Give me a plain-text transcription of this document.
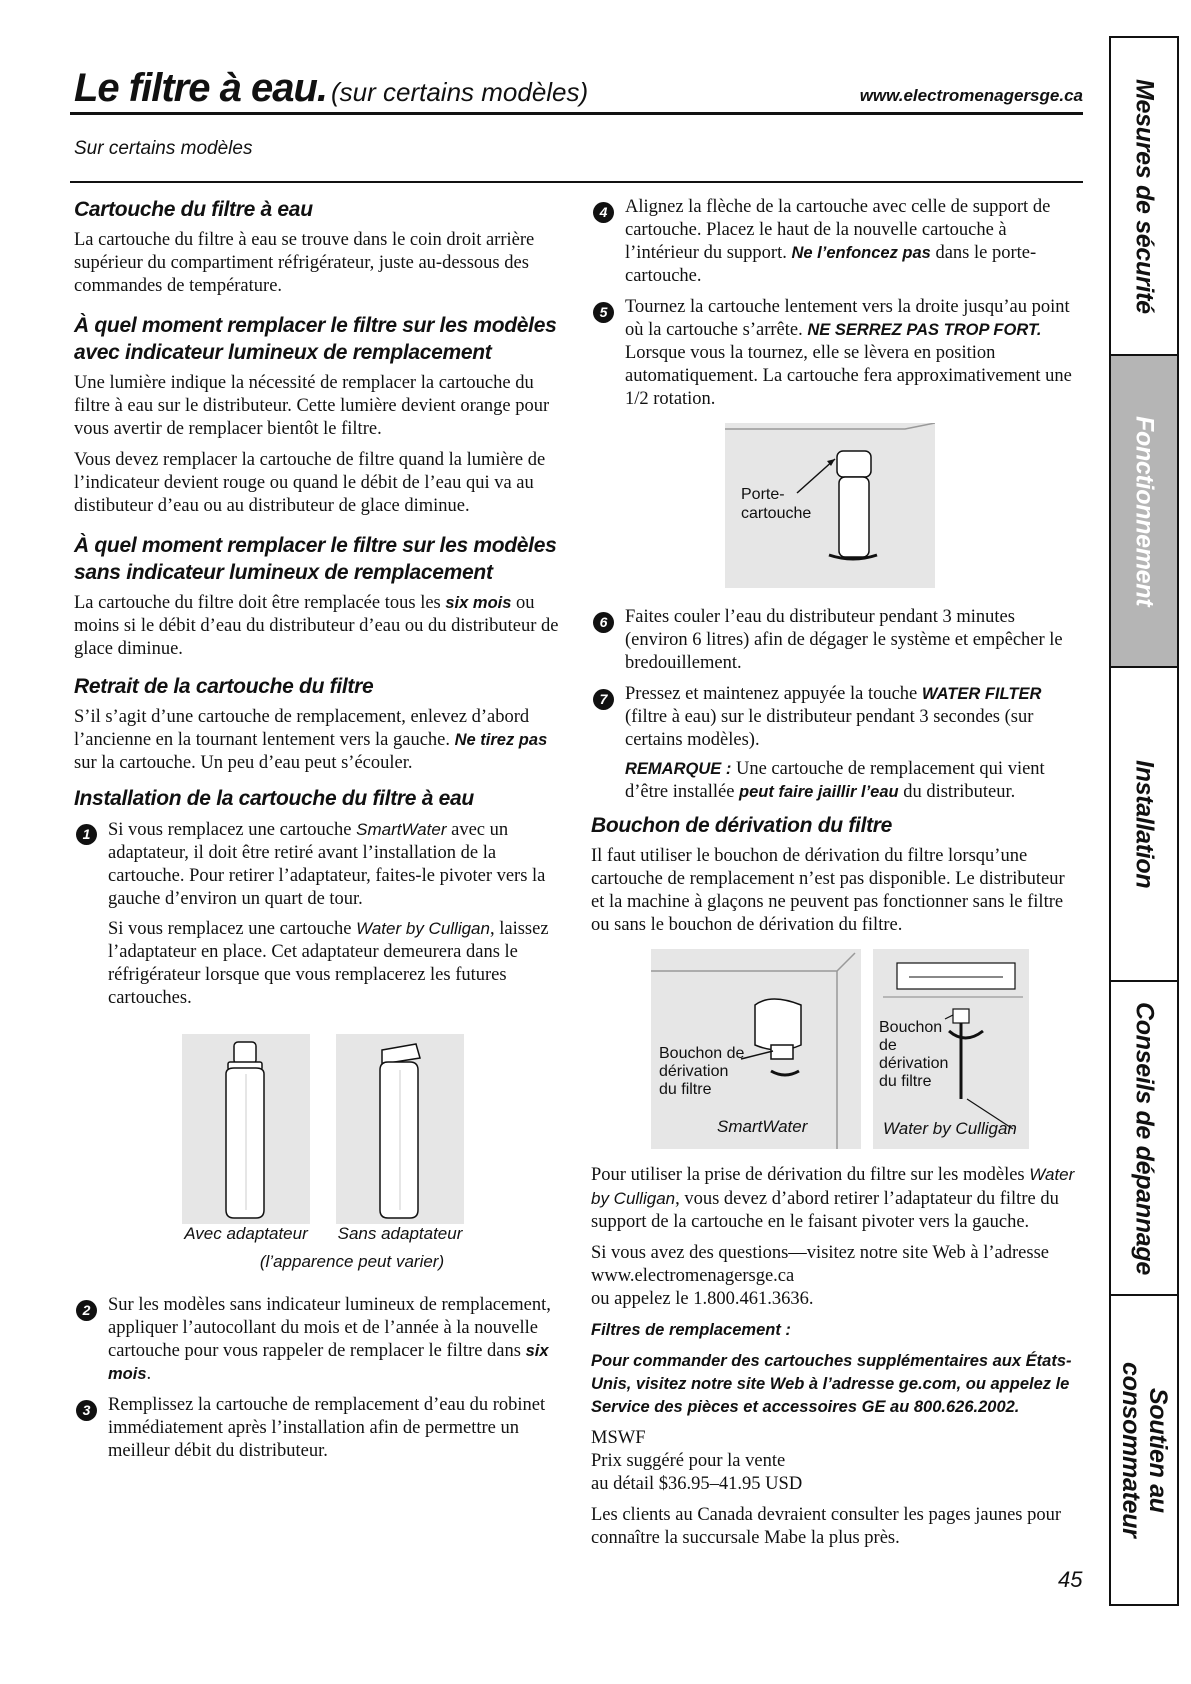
Le filtre à eau. (sur certains modèles)	www.electromenagersge.ca
Sur certains modèles
Cartouche du filtre à eau

La cartouche du filtre à eau se trouve dans le coin droit arrière supérieur du compartiment réfrigérateur, juste au-dessous des commandes de température.

À quel moment remplacer le filtre sur les modèles avec indicateur lumineux de remplacement

Une lumière indique la nécessité de remplacer la cartouche du filtre à eau sur le distributeur. Cette lumière devient orange pour vous avertir de remplacer bientôt le filtre.

Vous devez remplacer la cartouche de filtre quand la lumière de l’indicateur devient rouge ou quand le débit de l’eau qui va au distibuteur d’eau ou au distributeur de glace diminue.

À quel moment remplacer le filtre sur les modèles sans indicateur lumineux de remplacement

La cartouche du filtre doit être remplacée tous les six mois ou moins si le débit d’eau du distributeur d’eau ou du distributeur de glace diminue.

Retrait de la cartouche du filtre

S’il s’agit d’une cartouche de remplacement, enlevez d’abord l’ancienne en la tournant lentement vers la gauche. Ne tirez pas sur la cartouche. Un peu d’eau peut s’écouler.

Installation de la cartouche du filtre à eau
1 Si vous remplacez une cartouche SmartWater avec un adaptateur, il doit être retiré avant l’installation de la cartouche. Pour retirer l’adaptateur, faites-le pivoter vers la gauche d’environ un quart de tour.

Si vous remplacez une cartouche Water by Culligan, laissez l’adaptateur en place. Cet adaptateur demeurera dans le réfrigérateur lorsque que vous remplacerez les futures cartouches.

Avec adaptateur Sans adaptateur
(l’apparence peut varier)
2 Sur les modèles sans indicateur lumineux de remplacement, appliquer l’autocollant du mois et de l’année à la nouvelle cartouche pour vous rappeler de remplacer le filtre dans six mois.

3 Remplissez la cartouche de remplacement d’eau du robinet immédiatement après l’installation afin de permettre un meilleur débit du distributeur.

4 Alignez la flèche de la cartouche avec celle de support de cartouche. Placez le haut de la nouvelle cartouche à l’intérieur du support. Ne l’enfoncez pas dans le porte-cartouche.

5 Tournez la cartouche lentement vers la droite jusqu’au point où la cartouche s’arrête. NE SERREZ PAS TROP FORT. Lorsque vous la tournez, elle se lèvera en position automatiquement. La cartouche fera approximativement une 1/2 rotation.

Porte-
cartouche
6 Faites couler l’eau du distributeur pendant 3 minutes (environ 6 litres) afin de dégager le système et empêcher le bredouillement.

7 Pressez et maintenez appuyée la touche WATER FILTER (filtre à eau) sur le distributeur pendant 3 secondes (sur certains modèles).

REMARQUE : Une cartouche de remplacement qui vient d’être installée peut faire jaillir l’eau du distributeur.

Bouchon de dérivation du filtre

Il faut utiliser le bouchon de dérivation du filtre lorsqu’une cartouche de remplacement n’est pas disponible. Le distributeur et la machine à glaçons ne peuvent pas fonctionner sans le filtre ou sans le bouchon de dérivation du filtre.

Bouchon de
dérivation
du filtre
SmartWater
Bouchon
de
dérivation
du filtre
Water by Culligan

Pour utiliser la prise de dérivation du filtre sur les modèles Water by Culligan, vous devez d’abord retirer l’adaptateur du filtre du support de la cartouche en le faisant pivoter vers la gauche.

Si vous avez des questions—visitez notre site Web à l’adresse
www.electromenagersge.ca
ou appelez le 1.800.461.3636.

Filtres de remplacement :
Pour commander des cartouches supplémentaires aux États-Unis, visitez notre site Web à l’adresse ge.com, ou appelez le Service des pièces et accessoires GE au 800.626.2002.

MSWF
Prix suggéré pour la vente
au détail $36.95–41.95 USD

Les clients au Canada devraient consulter les pages jaunes pour connaître la succursale Mabe la plus près.

45
Mesures de sécurité
Fonctionnement
Installation
Conseils de dépannage
Soutien au
consommateur
